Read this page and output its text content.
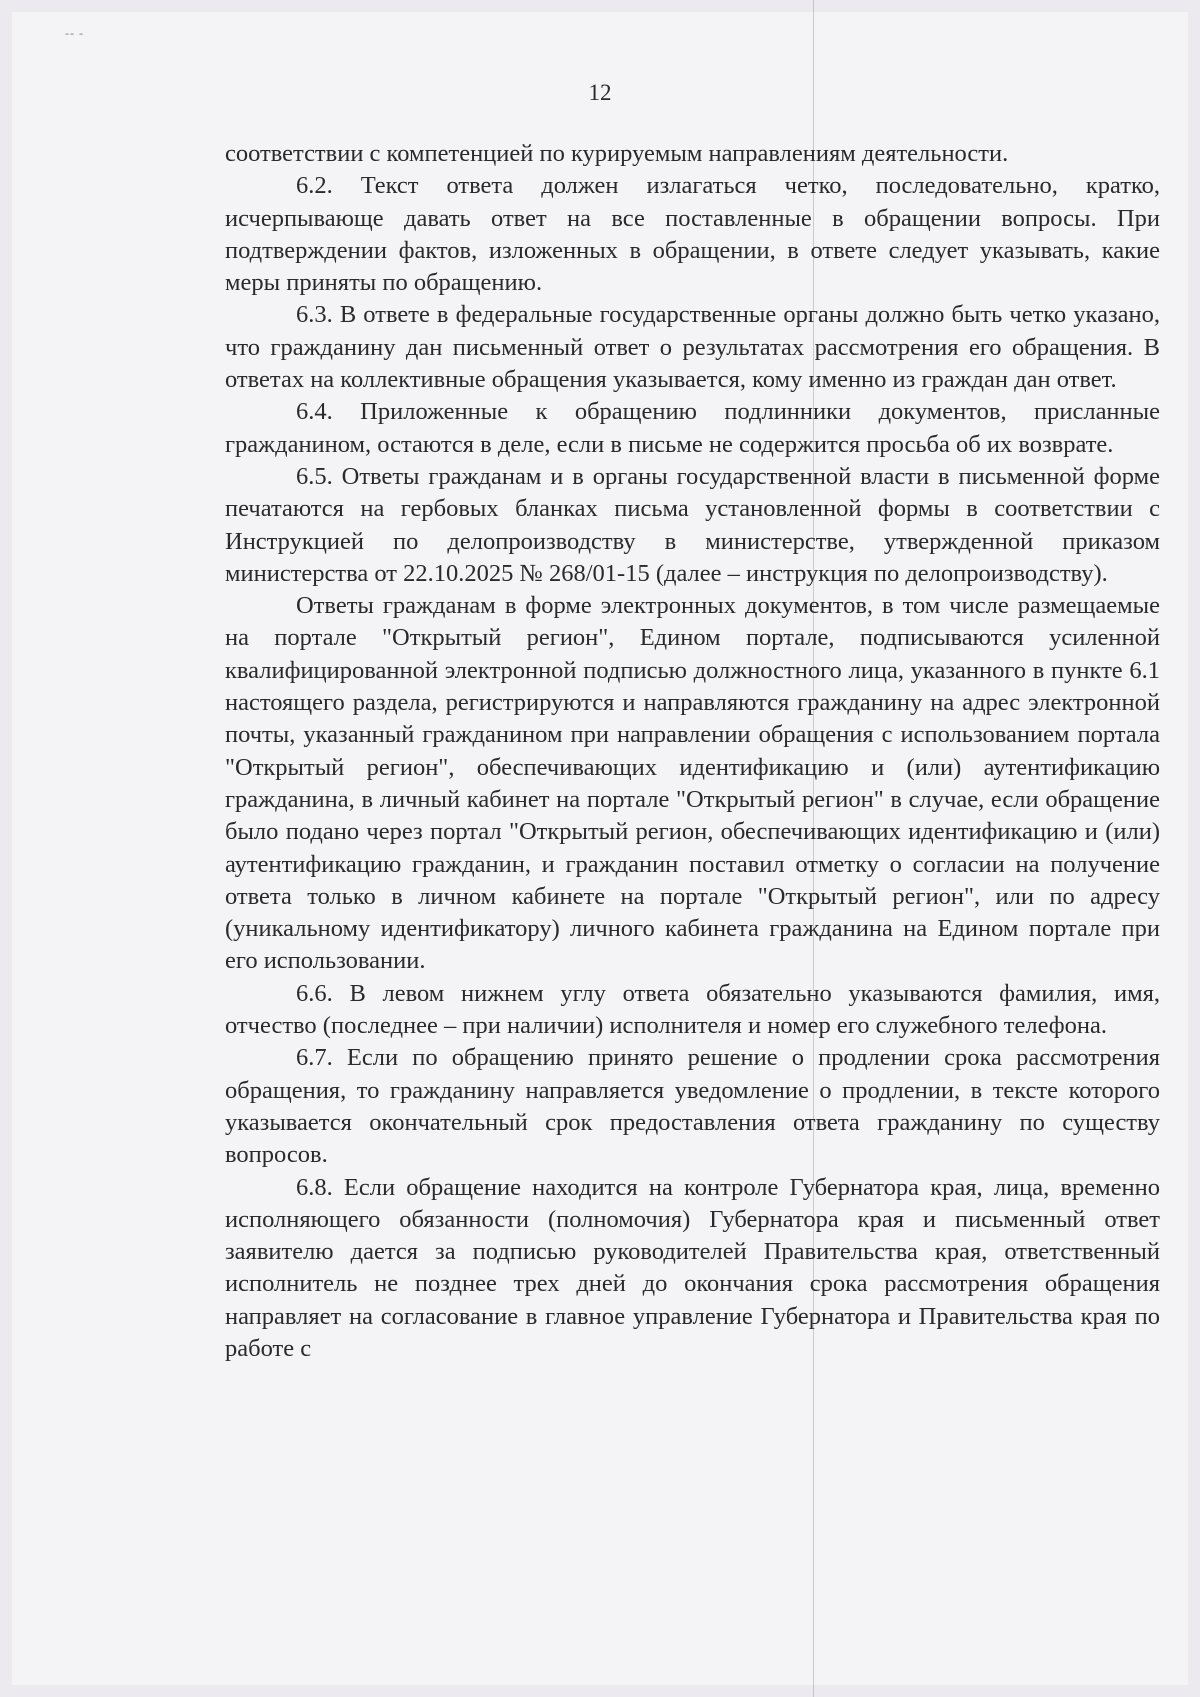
-- -
12

соответствии с компетенцией по курируемым направлениям деятельности.

6.2. Текст ответа должен излагаться четко, последовательно, кратко, исчерпывающе давать ответ на все поставленные в обращении вопросы. При подтверждении фактов, изложенных в обращении, в ответе следует указывать, какие меры приняты по обращению.

6.3. В ответе в федеральные государственные органы должно быть четко указано, что гражданину дан письменный ответ о результатах рассмотрения его обращения. В ответах на коллективные обращения указывается, кому именно из граждан дан ответ.

6.4. Приложенные к обращению подлинники документов, присланные гражданином, остаются в деле, если в письме не содержится просьба об их возврате.

6.5. Ответы гражданам и в органы государственной власти в письменной форме печатаются на гербовых бланках письма установленной формы в соответствии с Инструкцией по делопроизводству в министерстве, утвержденной приказом министерства от 22.10.2025 № 268/01-15 (далее – инструкция по делопроизводству).

Ответы гражданам в форме электронных документов, в том числе размещаемые на портале "Открытый регион", Едином портале, подписываются усиленной квалифицированной электронной подписью должностного лица, указанного в пункте 6.1 настоящего раздела, регистрируются и направляются гражданину на адрес электронной почты, указанный гражданином при направлении обращения с использованием портала "Открытый регион", обеспечивающих идентификацию и (или) аутентификацию гражданина, в личный кабинет на портале "Открытый регион" в случае, если обращение было подано через портал "Открытый регион, обеспечивающих идентификацию и (или) аутентификацию гражданин, и гражданин поставил отметку о согласии на получение ответа только в личном кабинете на портале "Открытый регион", или по адресу (уникальному идентификатору) личного кабинета гражданина на Едином портале при его использовании.

6.6. В левом нижнем углу ответа обязательно указываются фамилия, имя, отчество (последнее – при наличии) исполнителя и номер его служебного телефона.

6.7. Если по обращению принято решение о продлении срока рассмотрения обращения, то гражданину направляется уведомление о продлении, в тексте которого указывается окончательный срок предоставления ответа гражданину по существу вопросов.

6.8. Если обращение находится на контроле Губернатора края, лица, временно исполняющего обязанности (полномочия) Губернатора края и письменный ответ заявителю дается за подписью руководителей Правительства края, ответственный исполнитель не позднее трех дней до окончания срока рассмотрения обращения направляет на согласование в главное управление Губернатора и Правительства края по работе с
